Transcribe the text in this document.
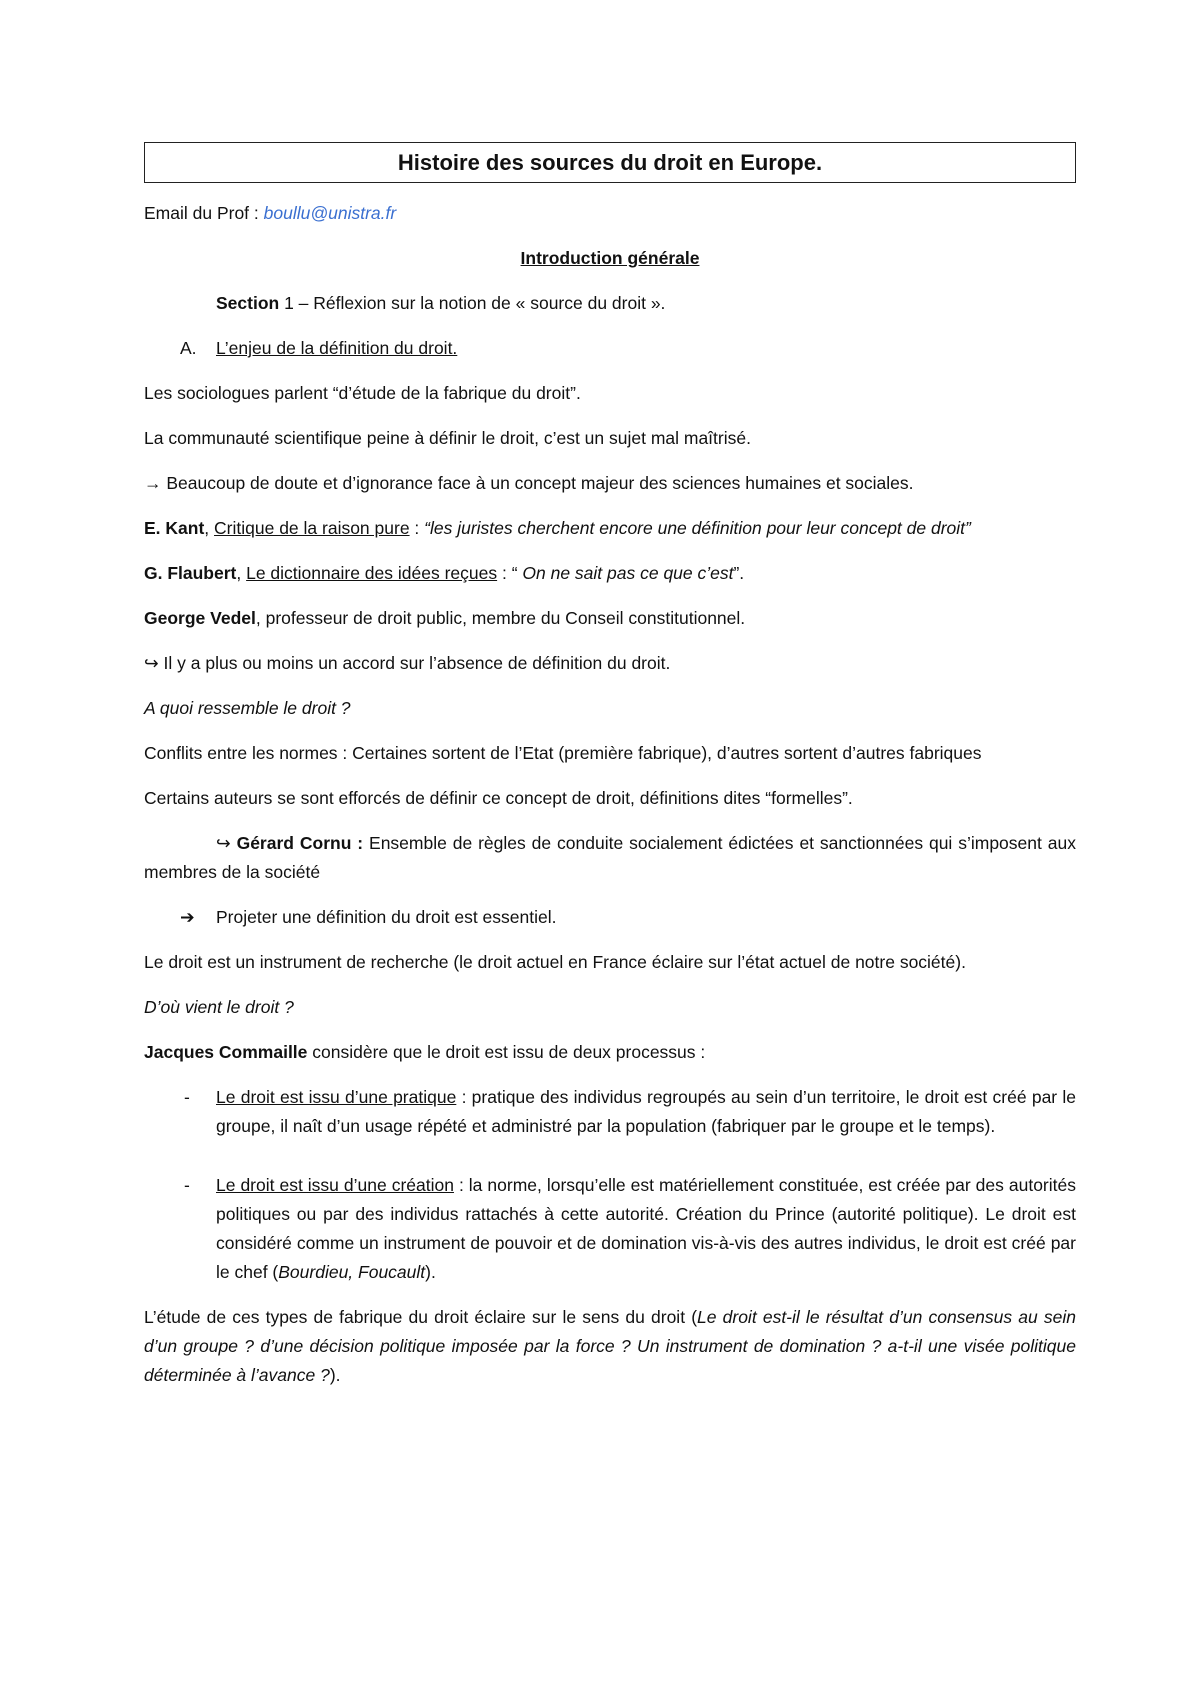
Histoire des sources du droit en Europe.

Email du Prof : boullu@unistra.fr

Introduction générale

Section 1 – Réflexion sur la notion de « source du droit ».

A.	L’enjeu de la définition du droit.

Les sociologues parlent “d’étude de la fabrique du droit”.

La communauté scientifique peine à définir le droit, c’est un sujet mal maîtrisé.

→ Beaucoup de doute et d’ignorance face à un concept majeur des sciences humaines et sociales.

E. Kant, Critique de la raison pure : “les juristes cherchent encore une définition pour leur concept de droit”

G. Flaubert, Le dictionnaire des idées reçues : “ On ne sait pas ce que c’est”.

George Vedel, professeur de droit public, membre du Conseil constitutionnel.

↪ Il y a plus ou moins un accord sur l’absence de définition du droit.

A quoi ressemble le droit ?

Conflits entre les normes : Certaines sortent de l’Etat (première fabrique), d’autres sortent d’autres fabriques

Certains auteurs se sont efforcés de définir ce concept de droit, définitions dites “formelles”.

↪ Gérard Cornu : Ensemble de règles de conduite socialement édictées et sanctionnées qui s’imposent aux membres de la société

➔	Projeter une définition du droit est essentiel.

Le droit est un instrument de recherche (le droit actuel en France éclaire sur l’état actuel de notre société).

D’où vient le droit ?

Jacques Commaille considère que le droit est issu de deux processus :

-	Le droit est issu d’une pratique : pratique des individus regroupés au sein d’un territoire, le droit est créé par le groupe, il naît d’un usage répété et administré par la population (fabriquer par le groupe et le temps).
-	Le droit est issu d’une création : la norme, lorsqu’elle est matériellement constituée, est créée par des autorités politiques ou par des individus rattachés à cette autorité. Création du Prince (autorité politique). Le droit est considéré comme un instrument de pouvoir et de domination vis-à-vis des autres individus, le droit est créé par le chef (Bourdieu, Foucault).

L’étude de ces types de fabrique du droit éclaire sur le sens du droit (Le droit est-il le résultat d’un consensus au sein d’un groupe ? d’une décision politique imposée par la force ? Un instrument de domination ? a-t-il une visée politique déterminée à l’avance ?).
